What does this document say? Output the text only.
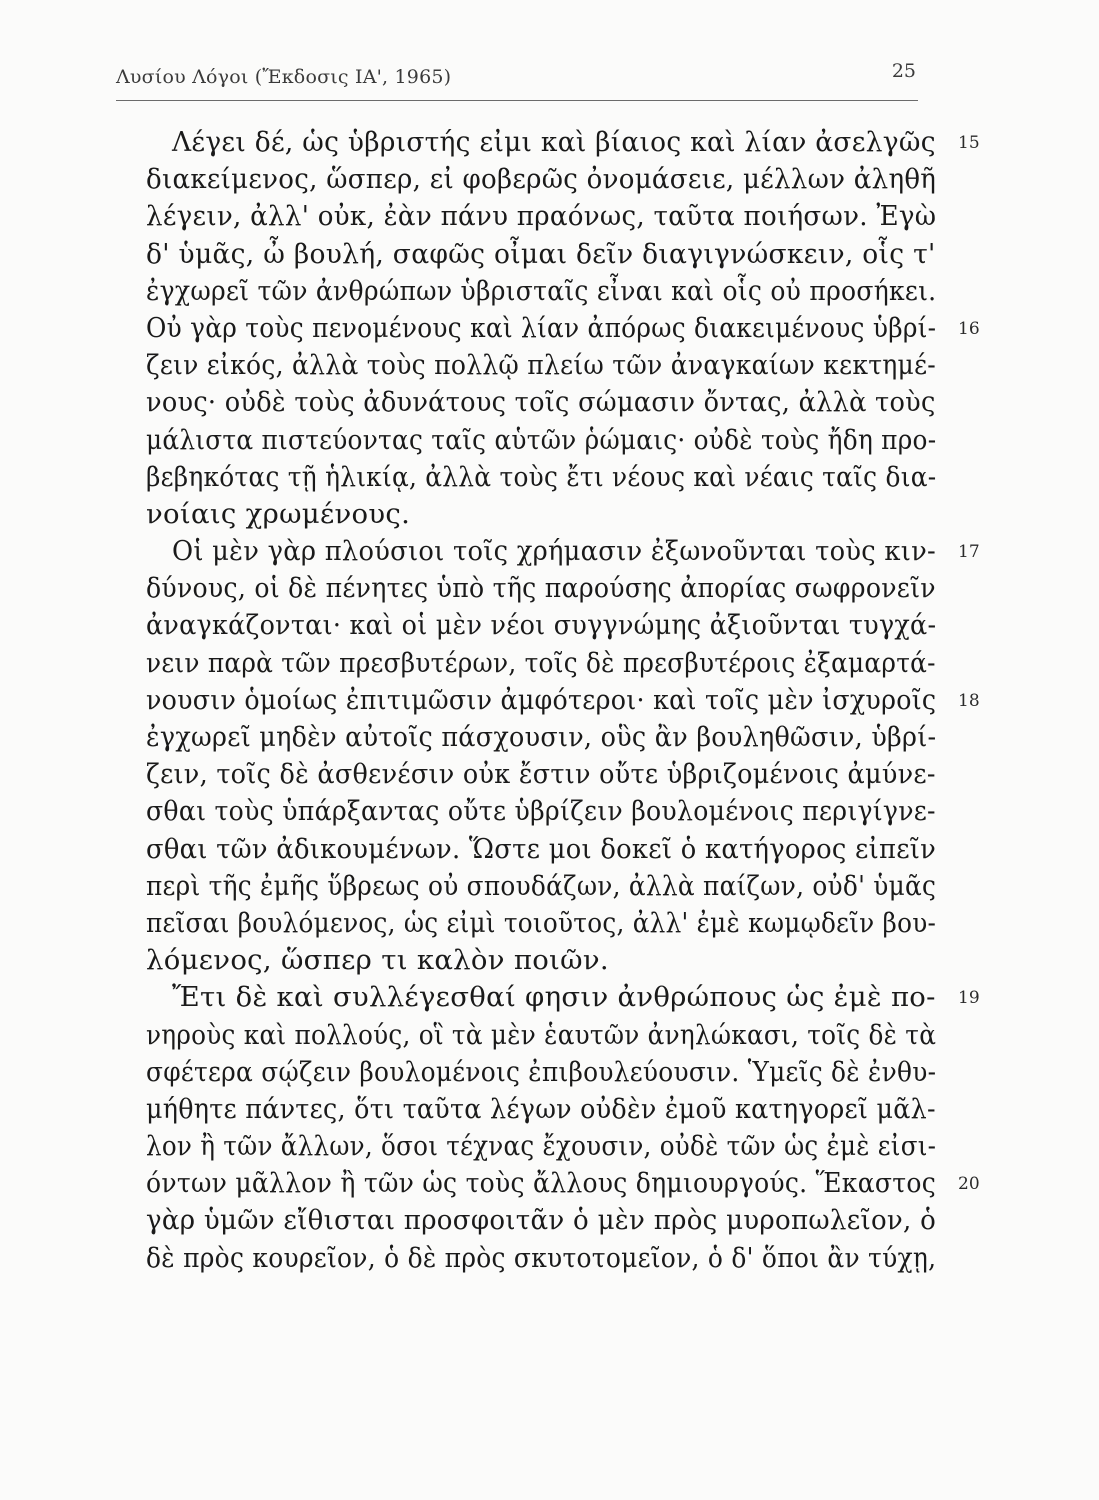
Λυσίου Λόγοι (Ἔκδοσις ΙΑ', 1965)	25
Λέγει δέ, ὡς ὑβριστής εἰμι καὶ βίαιος καὶ λίαν ἀσελγῶς 15
διακείμενος, ὥσπερ, εἰ φοβερῶς ὀνομάσειε, μέλλων ἀληθῆ
λέγειν, ἀλλ' οὐκ, ἐὰν πάνυ πραόνως, ταῦτα ποιήσων. Ἐγὼ
δ' ὑμᾶς, ὦ βουλή, σαφῶς οἶμαι δεῖν διαγιγνώσκειν, οἷς τ'
ἐγχωρεῖ τῶν ἀνθρώπων ὑβρισταῖς εἶναι καὶ οἷς οὐ προσήκει.
Οὐ γὰρ τοὺς πενομένους καὶ λίαν ἀπόρως διακειμένους ὑβρί- 16
ζειν εἰκός, ἀλλὰ τοὺς πολλῷ πλείω τῶν ἀναγκαίων κεκτημέ-
νους· οὐδὲ τοὺς ἀδυνάτους τοῖς σώμασιν ὄντας, ἀλλὰ τοὺς
μάλιστα πιστεύοντας ταῖς αὑτῶν ῥώμαις· οὐδὲ τοὺς ἤδη προ-
βεβηκότας τῇ ἡλικίᾳ, ἀλλὰ τοὺς ἔτι νέους καὶ νέαις ταῖς δια-
νοίαις χρωμένους.
Οἱ μὲν γὰρ πλούσιοι τοῖς χρήμασιν ἐξωνοῦνται τοὺς κιν- 17
δύνους, οἱ δὲ πένητες ὑπὸ τῆς παρούσης ἀπορίας σωφρονεῖν
ἀναγκάζονται· καὶ οἱ μὲν νέοι συγγνώμης ἀξιοῦνται τυγχά-
νειν παρὰ τῶν πρεσβυτέρων, τοῖς δὲ πρεσβυτέροις ἐξαμαρτά-
νουσιν ὁμοίως ἐπιτιμῶσιν ἀμφότεροι· καὶ τοῖς μὲν ἰσχυροῖς 18
ἐγχωρεῖ μηδὲν αὐτοῖς πάσχουσιν, οὓς ἂν βουληθῶσιν, ὑβρί-
ζειν, τοῖς δὲ ἀσθενέσιν οὐκ ἔστιν οὔτε ὑβριζομένοις ἀμύνε-
σθαι τοὺς ὑπάρξαντας οὔτε ὑβρίζειν βουλομένοις περιγίγνε-
σθαι τῶν ἀδικουμένων. Ὥστε μοι δοκεῖ ὁ κατήγορος εἰπεῖν
περὶ τῆς ἐμῆς ὕβρεως οὐ σπουδάζων, ἀλλὰ παίζων, οὐδ' ὑμᾶς
πεῖσαι βουλόμενος, ὡς εἰμὶ τοιοῦτος, ἀλλ' ἐμὲ κωμῳδεῖν βου-
λόμενος, ὥσπερ τι καλὸν ποιῶν.
Ἔτι δὲ καὶ συλλέγεσθαί φησιν ἀνθρώπους ὡς ἐμὲ πο- 19
νηροὺς καὶ πολλούς, οἳ τὰ μὲν ἑαυτῶν ἀνηλώκασι, τοῖς δὲ τὰ
σφέτερα σῴζειν βουλομένοις ἐπιβουλεύουσιν. Ὑμεῖς δὲ ἐνθυ-
μήθητε πάντες, ὅτι ταῦτα λέγων οὐδὲν ἐμοῦ κατηγορεῖ μᾶλ-
λον ἢ τῶν ἄλλων, ὅσοι τέχνας ἔχουσιν, οὐδὲ τῶν ὡς ἐμὲ εἰσι-
όντων μᾶλλον ἢ τῶν ὡς τοὺς ἄλλους δημιουργούς. Ἕκαστος 20
γὰρ ὑμῶν εἴθισται προσφοιτᾶν ὁ μὲν πρὸς μυροπωλεῖον, ὁ
δὲ πρὸς κουρεῖον, ὁ δὲ πρὸς σκυτοτομεῖον, ὁ δ' ὅποι ἂν τύχῃ,
